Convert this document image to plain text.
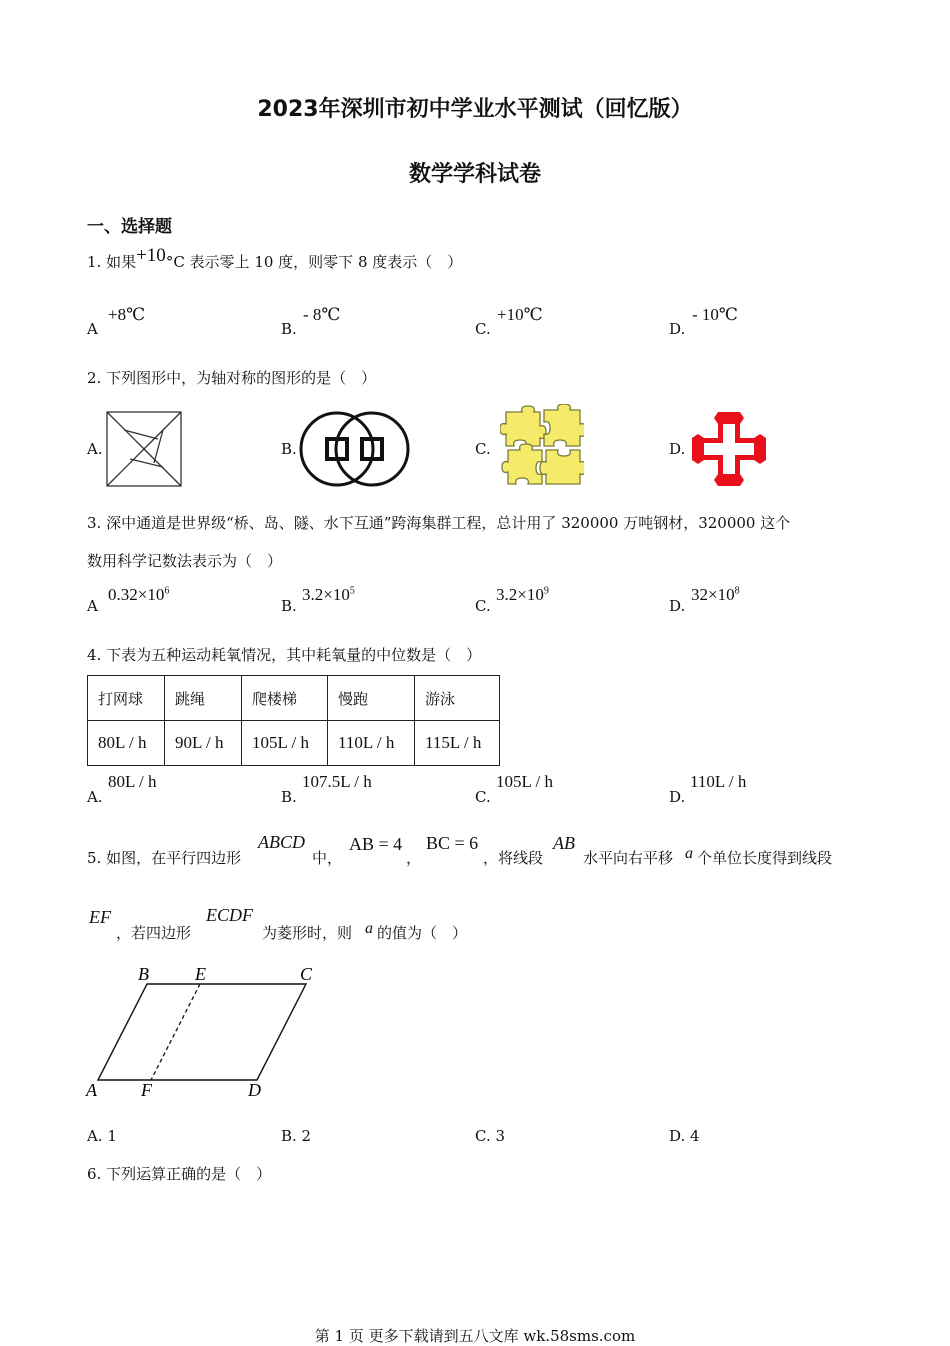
2023年深圳市初中学业水平测试（回忆版）
数学学科试卷
一、选择题
1. 如果+10°C 表示零上 10 度，则零下 8 度表示（　）
A
+8℃
B.
- 8℃
C.
+10℃
D.
- 10℃
2. 下列图形中，为轴对称的图形的是（　）
A.	B.	C.	D.
3. 深中通道是世界级“桥、岛、隧、水下互通”跨海集群工程，总计用了 320000 万吨钢材，320000 这个
数用科学记数法表示为（　）
A
$0.32\times 10^6$
B.
$3.2\times 10^5$
C.
$3.2\times 10^9$
D.
$32\times 10^8$
4. 下表为五种运动耗氧情况，其中耗氧量的中位数是（　）
打网球	跳绳	爬楼梯	慢跑	游泳
80L / h	90L / h	105L / h	110L / h	115L / h
A.
80L / h
B.
107.5L / h
C.
105L / h
D.
110L / h
5. 如图，在平行四边形
ABCD
中，
AB = 4
，
BC = 6
，将线段
AB
水平向右平移 a 个单位长度得到线段
EF
，若四边形
ECDF
为菱形时，则 a 的值为（　）
B	E	C
A F	D
A. 1	B. 2	C. 3	D. 4
6. 下列运算正确的是（　）
第 1 页 更多下载请到五八文库 wk.58sms.com
